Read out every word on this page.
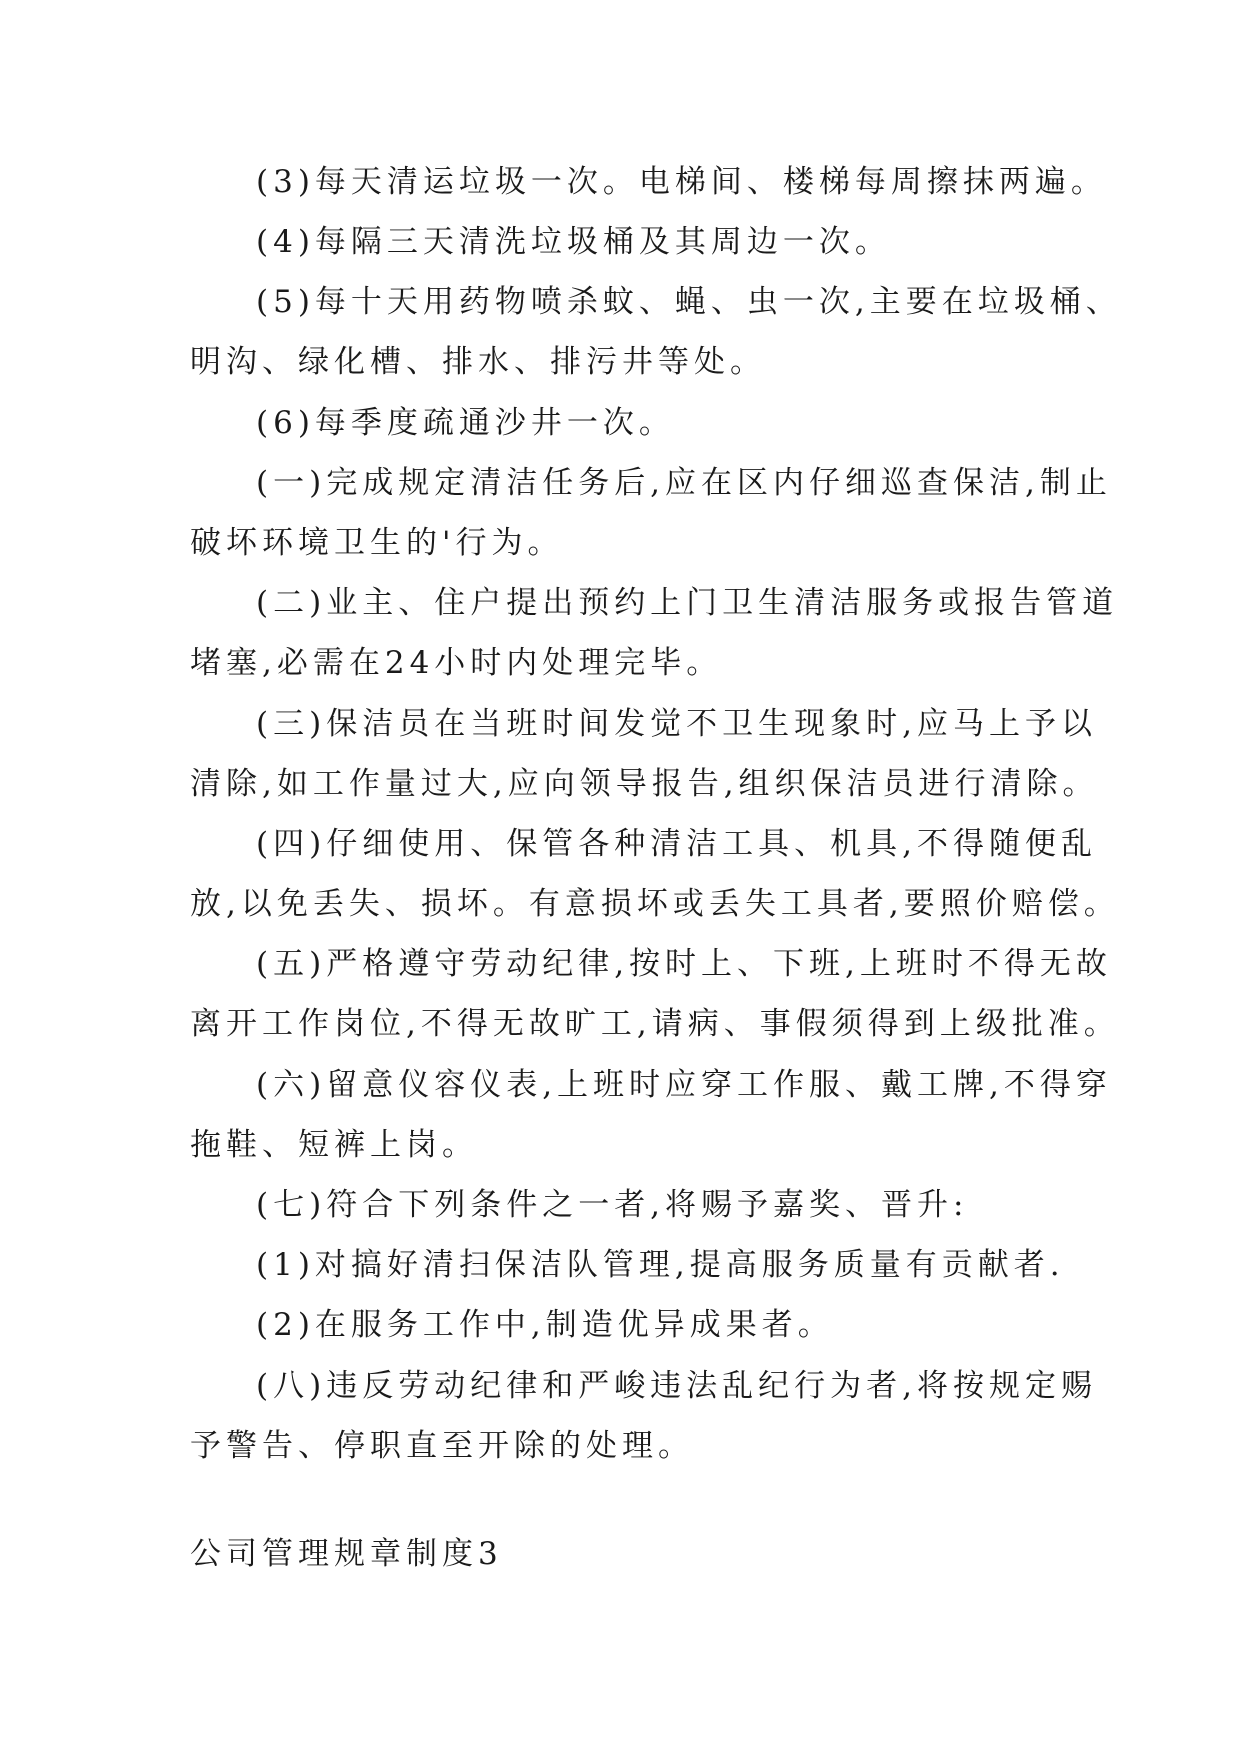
(3)每天清运垃圾一次。电梯间、楼梯每周擦抹两遍。

(4)每隔三天清洗垃圾桶及其周边一次。

(5)每十天用药物喷杀蚊、蝇、虫一次,主要在垃圾桶、

明沟、绿化槽、排水、排污井等处。

(6)每季度疏通沙井一次。

(一)完成规定清洁任务后,应在区内仔细巡查保洁,制止

破坏环境卫生的'行为。

(二)业主、住户提出预约上门卫生清洁服务或报告管道

堵塞,必需在24小时内处理完毕。

(三)保洁员在当班时间发觉不卫生现象时,应马上予以

清除,如工作量过大,应向领导报告,组织保洁员进行清除。

(四)仔细使用、保管各种清洁工具、机具,不得随便乱

放,以免丢失、损坏。有意损坏或丢失工具者,要照价赔偿。

(五)严格遵守劳动纪律,按时上、下班,上班时不得无故

离开工作岗位,不得无故旷工,请病、事假须得到上级批准。

(六)留意仪容仪表,上班时应穿工作服、戴工牌,不得穿

拖鞋、短裤上岗。

(七)符合下列条件之一者,将赐予嘉奖、晋升:

(1)对搞好清扫保洁队管理,提高服务质量有贡献者.

(2)在服务工作中,制造优异成果者。

(八)违反劳动纪律和严峻违法乱纪行为者,将按规定赐

予警告、停职直至开除的处理。

公司管理规章制度3
